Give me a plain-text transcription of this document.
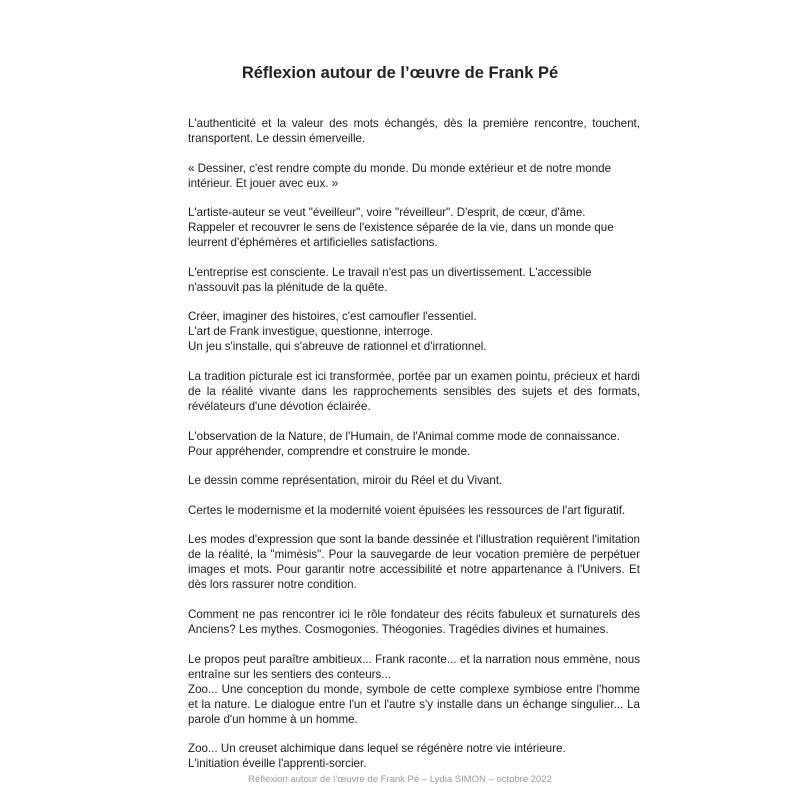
Réflexion autour de l’œuvre de Frank Pé

L'authenticité et la valeur des mots échangés, dès la première rencontre, touchent, transportent. Le dessin émerveille.

« Dessiner, c'est rendre compte du monde. Du monde extérieur et de notre monde intérieur. Et jouer avec eux. »

L'artiste-auteur se veut "éveilleur", voire "réveilleur". D'esprit, de cœur, d'âme.
Rappeler et recouvrer le sens de l'existence séparée de la vie, dans un monde que leurrent d'éphémères et artificielles satisfactions.

L'entreprise est consciente. Le travail n'est pas un divertissement. L'accessible n'assouvit pas la plénitude de la quête.

Créer, imaginer des histoires, c'est camoufler l'essentiel.
L'art de Frank investigue, questionne, interroge.
Un jeu s'installe, qui s'abreuve de rationnel et d'irrationnel.

La tradition picturale est ici transformée, portée par un examen pointu, précieux et hardi de la réalité vivante dans les rapprochements sensibles des sujets et des formats, révélateurs d'une dévotion éclairée.

L'observation de la Nature, de l'Humain, de l'Animal comme mode de connaissance.
Pour appréhender, comprendre et construire le monde.

Le dessin comme représentation, miroir du Réel et du Vivant.

Certes le modernisme et la modernité voient épuisées les ressources de l'art figuratif.

Les modes d'expression que sont la bande dessinée et l'illustration requièrent l'imitation de la réalité, la "mimèsis". Pour la sauvegarde de leur vocation première de perpétuer images et mots. Pour garantir notre accessibilité et notre appartenance à l'Univers. Et dès lors rassurer notre condition.

Comment ne pas rencontrer ici le rôle fondateur des récits fabuleux et surnaturels des Anciens? Les mythes. Cosmogonies. Théogonies. Tragédies divines et humaines.

Le propos peut paraître ambitieux... Frank raconte... et la narration nous emmène, nous entraîne sur les sentiers des conteurs...
Zoo... Une conception du monde, symbole de cette complexe symbiose entre l'homme et la nature. Le dialogue entre l'un et l'autre s'y installe dans un échange singulier... La parole d'un homme à un homme.

Zoo... Un creuset alchimique dans lequel se régénère notre vie intérieure.
L'initiation éveille l'apprenti-sorcier.

Réflexion autour de l’œuvre de Frank Pé – Lydia SIMON – octobre 2022
